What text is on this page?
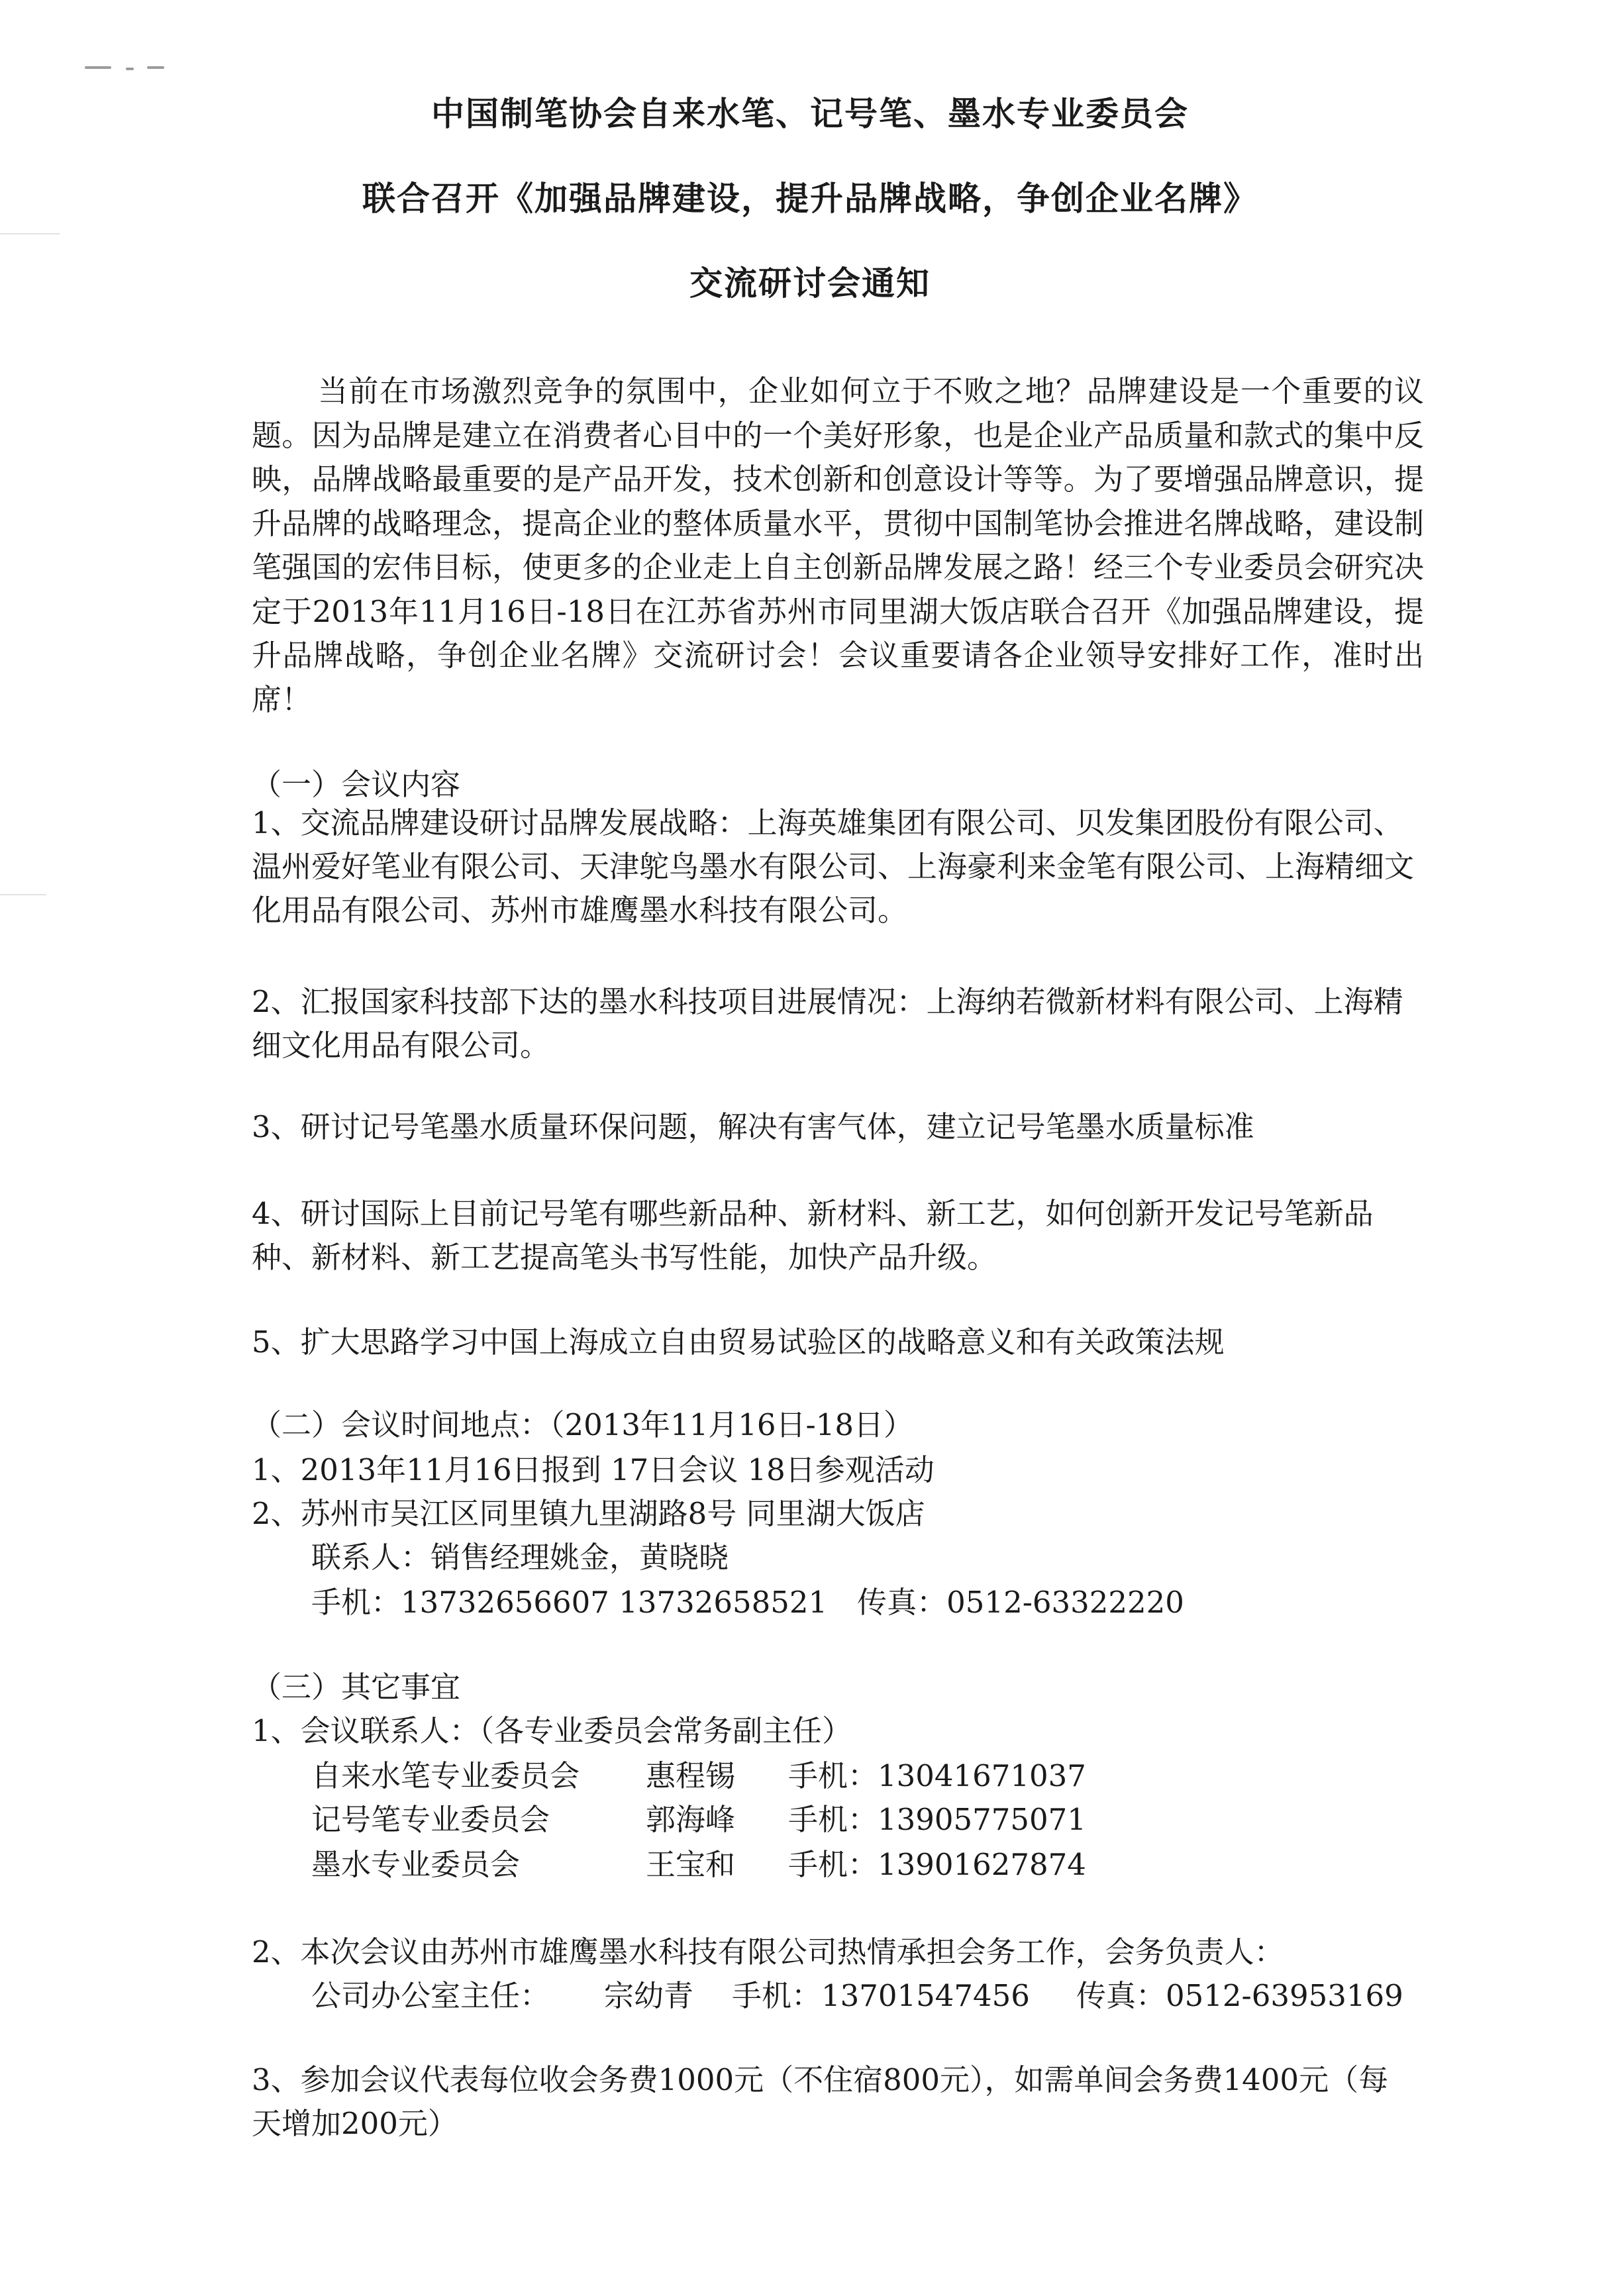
中国制笔协会自来水笔、记号笔、墨水专业委员会
联合召开《加强品牌建设，提升品牌战略，争创企业名牌》
交流研讨会通知

当前在市场激烈竞争的氛围中，企业如何立于不败之地？品牌建设是一个重要的议题。因为品牌是建立在消费者心目中的一个美好形象，也是企业产品质量和款式的集中反映，品牌战略最重要的是产品开发，技术创新和创意设计等等。为了要增强品牌意识，提升品牌的战略理念，提高企业的整体质量水平，贯彻中国制笔协会推进名牌战略，建设制笔强国的宏伟目标，使更多的企业走上自主创新品牌发展之路！经三个专业委员会研究决定于2013年11月16日-18日在江苏省苏州市同里湖大饭店联合召开《加强品牌建设，提升品牌战略，争创企业名牌》交流研讨会！会议重要请各企业领导安排好工作，准时出席！

（一）会议内容
1、交流品牌建设研讨品牌发展战略：上海英雄集团有限公司、贝发集团股份有限公司、温州爱好笔业有限公司、天津鸵鸟墨水有限公司、上海豪利来金笔有限公司、上海精细文化用品有限公司、苏州市雄鹰墨水科技有限公司。
2、汇报国家科技部下达的墨水科技项目进展情况：上海纳若微新材料有限公司、上海精细文化用品有限公司。
3、研讨记号笔墨水质量环保问题，解决有害气体，建立记号笔墨水质量标准
4、研讨国际上目前记号笔有哪些新品种、新材料、新工艺，如何创新开发记号笔新品种、新材料、新工艺提高笔头书写性能，加快产品升级。
5、扩大思路学习中国上海成立自由贸易试验区的战略意义和有关政策法规
（二）会议时间地点：（2013年11月16日-18日）
1、2013年11月16日报到 17日会议 18日参观活动
2、苏州市吴江区同里镇九里湖路8号 同里湖大饭店
联系人：销售经理姚金，黄晓晓
手机：13732656607 13732658521　传真：0512-63322220
（三）其它事宜
1、会议联系人：（各专业委员会常务副主任）
自来水笔专业委员会 惠程锡 手机：13041671037
记号笔专业委员会	郭海峰 手机：13905775071
墨水专业委员会	王宝和 手机：13901627874
2、本次会议由苏州市雄鹰墨水科技有限公司热情承担会务工作，会务负责人：
公司办公室主任： 宗幼青 手机：13701547456 传真：0512-63953169
3、参加会议代表每位收会务费1000元（不住宿800元），如需单间会务费1400元（每天增加200元）
